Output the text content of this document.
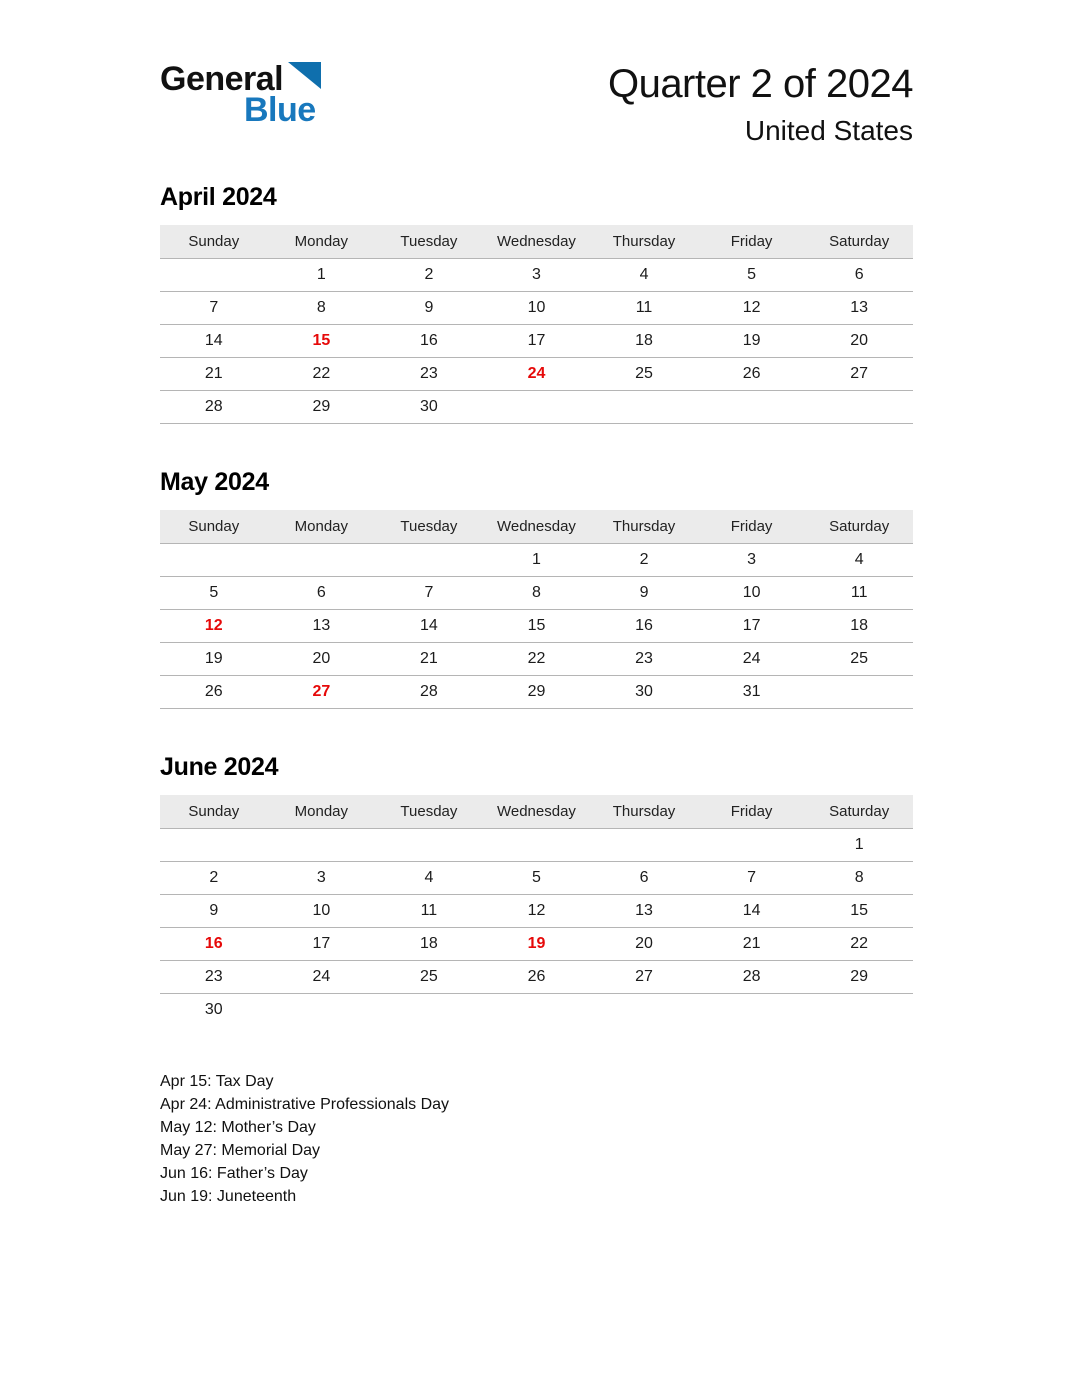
General
Blue
Quarter 2 of 2024
United States
April 2024
Sunday	Monday	Tuesday	Wednesday	Thursday	Friday	Saturday
	1	2	3	4	5	6
7	8	9	10	11	12	13
14	15	16	17	18	19	20
21	22	23	24	25	26	27
28	29	30				
May 2024
Sunday	Monday	Tuesday	Wednesday	Thursday	Friday	Saturday
			1	2	3	4
5	6	7	8	9	10	11
12	13	14	15	16	17	18
19	20	21	22	23	24	25
26	27	28	29	30	31	
June 2024
Sunday	Monday	Tuesday	Wednesday	Thursday	Friday	Saturday
						1
2	3	4	5	6	7	8
9	10	11	12	13	14	15
16	17	18	19	20	21	22
23	24	25	26	27	28	29
30						
Apr 15: Tax Day
Apr 24: Administrative Professionals Day
May 12: Mother’s Day
May 27: Memorial Day
Jun 16: Father’s Day
Jun 19: Juneteenth
